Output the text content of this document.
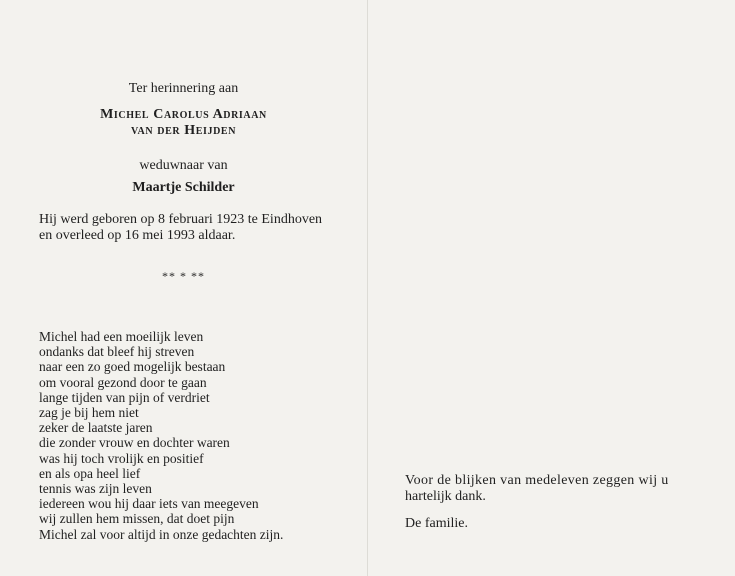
Ter herinnering aan
Michel Carolus Adriaan
van der Heijden
weduwnaar van
Maartje Schilder
Hij werd geboren op 8 februari 1923 te Eindhoven
en overleed op 16 mei 1993 aldaar.
** * **
Michel had een moeilijk leven
ondanks dat bleef hij streven
naar een zo goed mogelijk bestaan
om vooral gezond door te gaan
lange tijden van pijn of verdriet
zag je bij hem niet
zeker de laatste jaren
die zonder vrouw en dochter waren
was hij toch vrolijk en positief
en als opa heel lief
tennis was zijn leven
iedereen wou hij daar iets van meegeven
wij zullen hem missen, dat doet pijn
Michel zal voor altijd in onze gedachten zijn.
Voor de blijken van medeleven zeggen wij u
hartelijk dank.
De familie.
